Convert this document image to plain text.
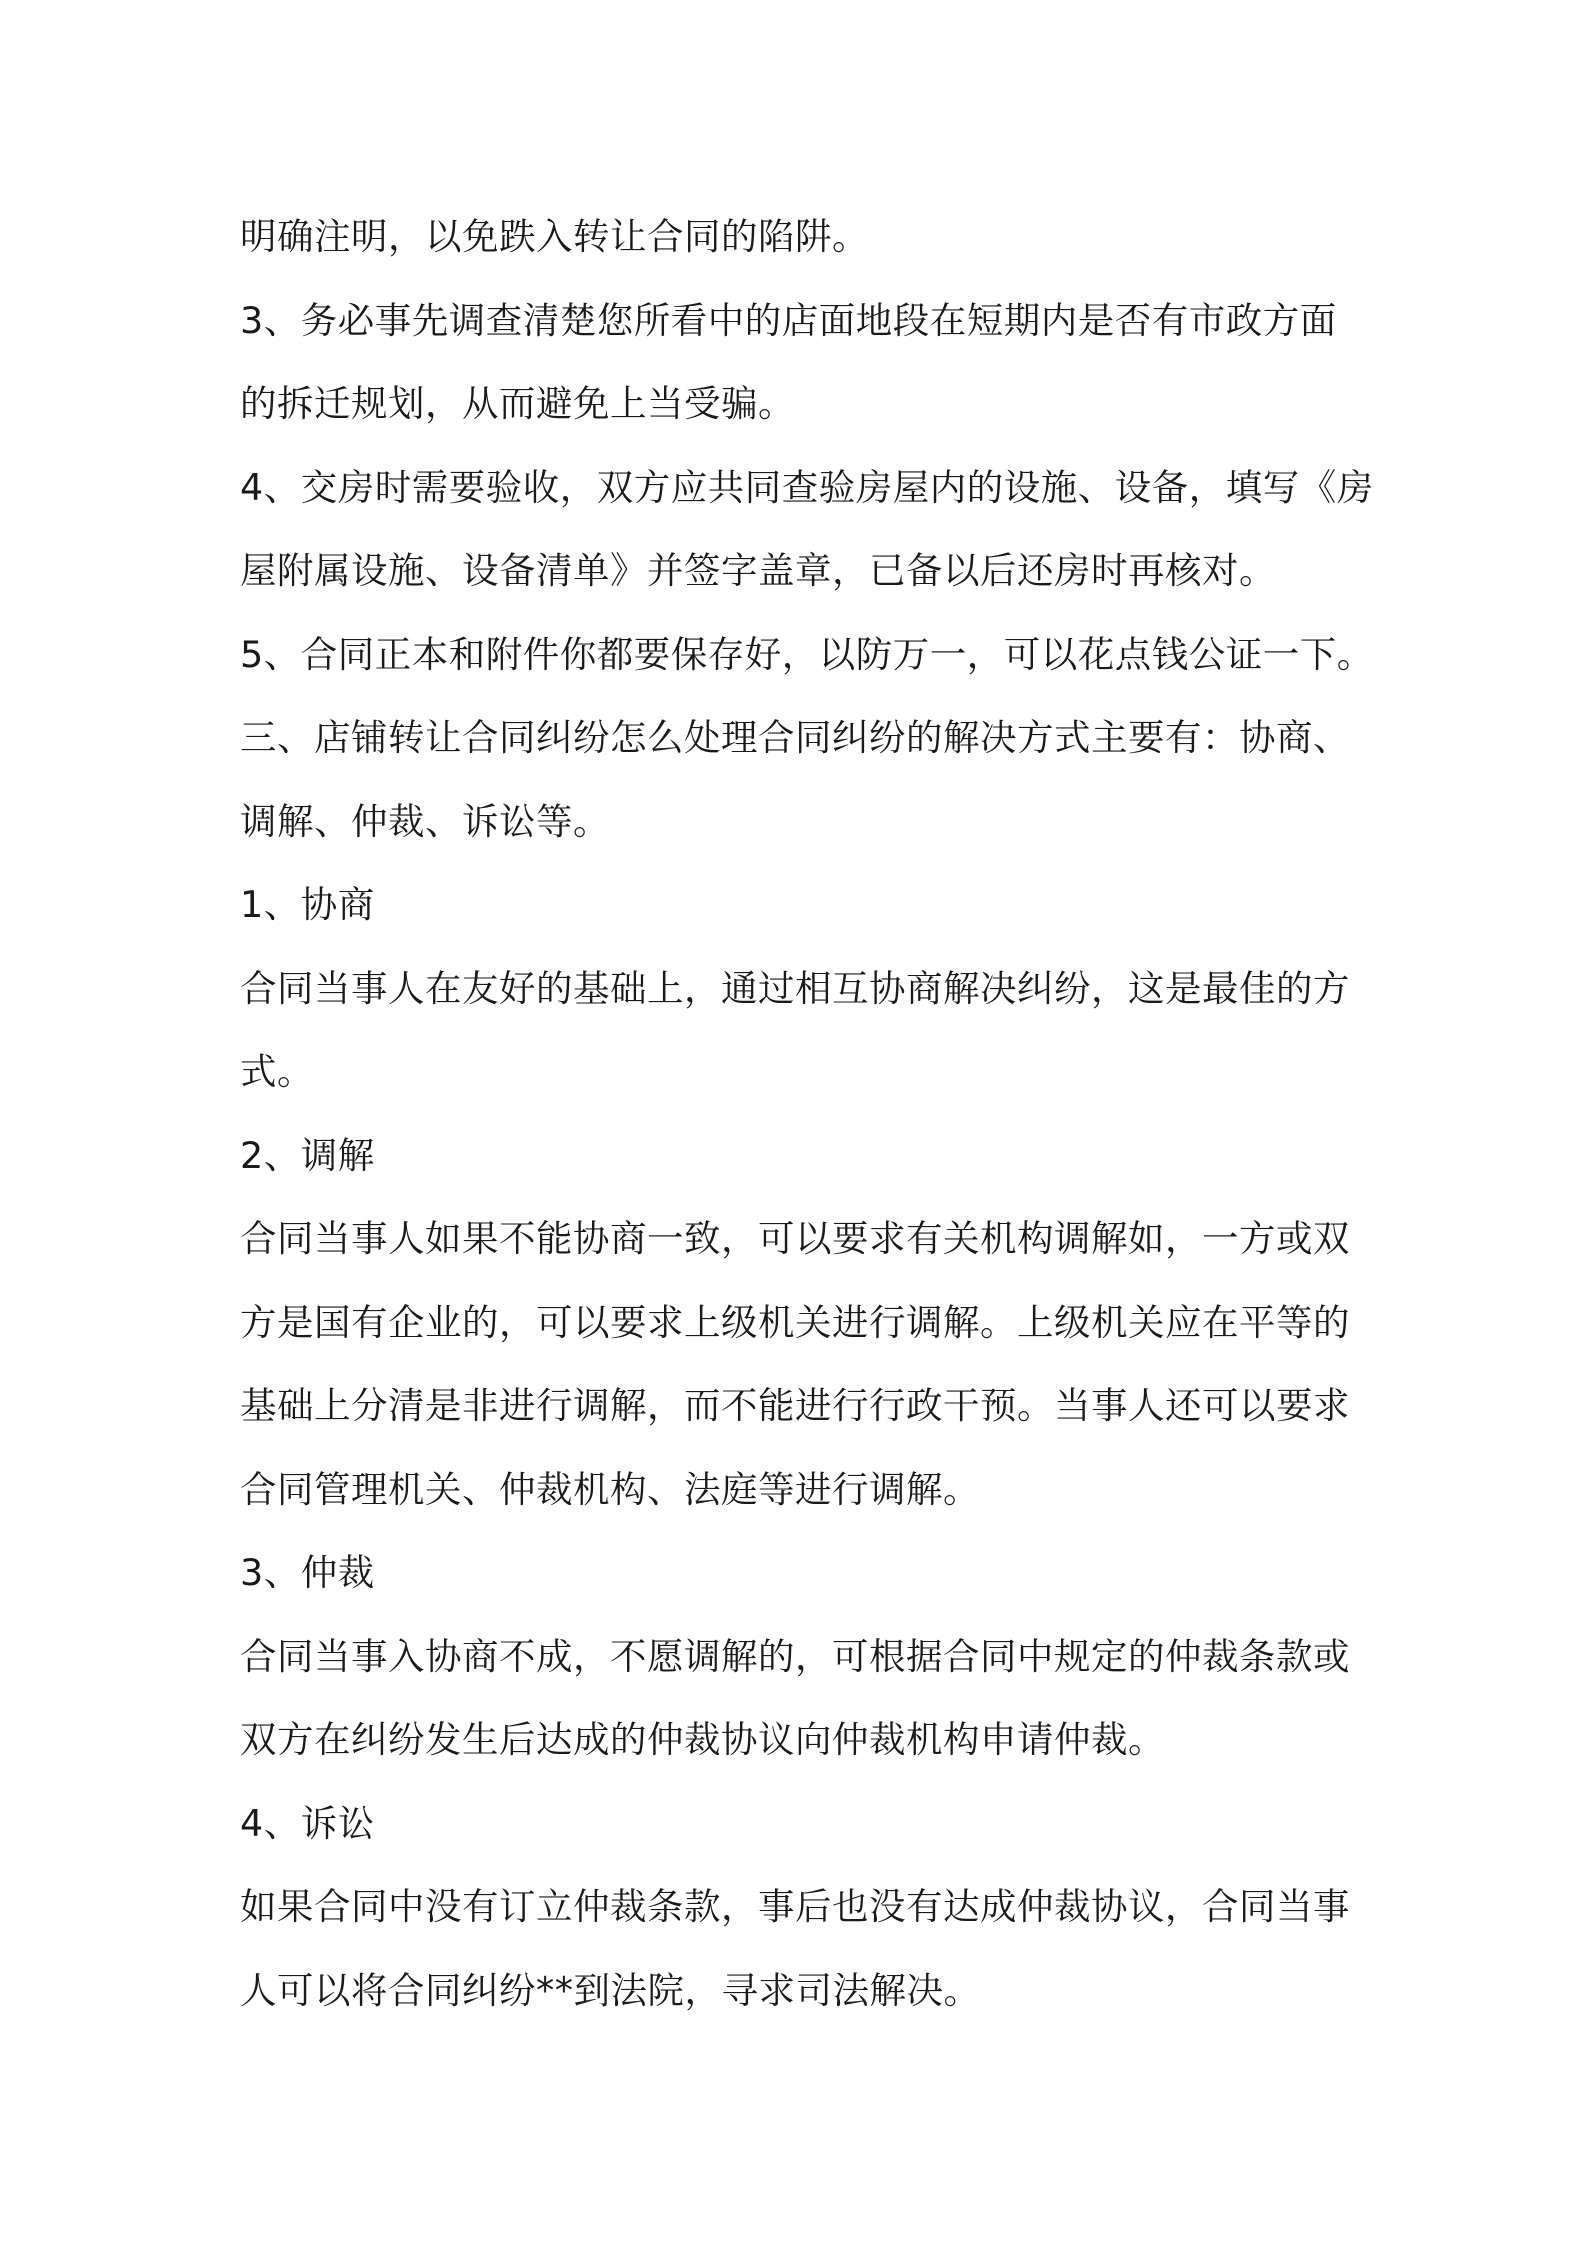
明确注明，以免跌入转让合同的陷阱。
3、务必事先调查清楚您所看中的店面地段在短期内是否有市政方面
的拆迁规划，从而避免上当受骗。
4、交房时需要验收，双方应共同查验房屋内的设施、设备，填写《房
屋附属设施、设备清单》并签字盖章，已备以后还房时再核对。
5、合同正本和附件你都要保存好，以防万一，可以花点钱公证一下。
三、店铺转让合同纠纷怎么处理合同纠纷的解决方式主要有：协商、
调解、仲裁、诉讼等。
1、协商
合同当事人在友好的基础上，通过相互协商解决纠纷，这是最佳的方
式。
2、调解
合同当事人如果不能协商一致，可以要求有关机构调解如，一方或双
方是国有企业的，可以要求上级机关进行调解。上级机关应在平等的
基础上分清是非进行调解，而不能进行行政干预。当事人还可以要求
合同管理机关、仲裁机构、法庭等进行调解。
3、仲裁
合同当事入协商不成，不愿调解的，可根据合同中规定的仲裁条款或
双方在纠纷发生后达成的仲裁协议向仲裁机构申请仲裁。
4、诉讼
如果合同中没有订立仲裁条款，事后也没有达成仲裁协议，合同当事
人可以将合同纠纷**到法院，寻求司法解决。
